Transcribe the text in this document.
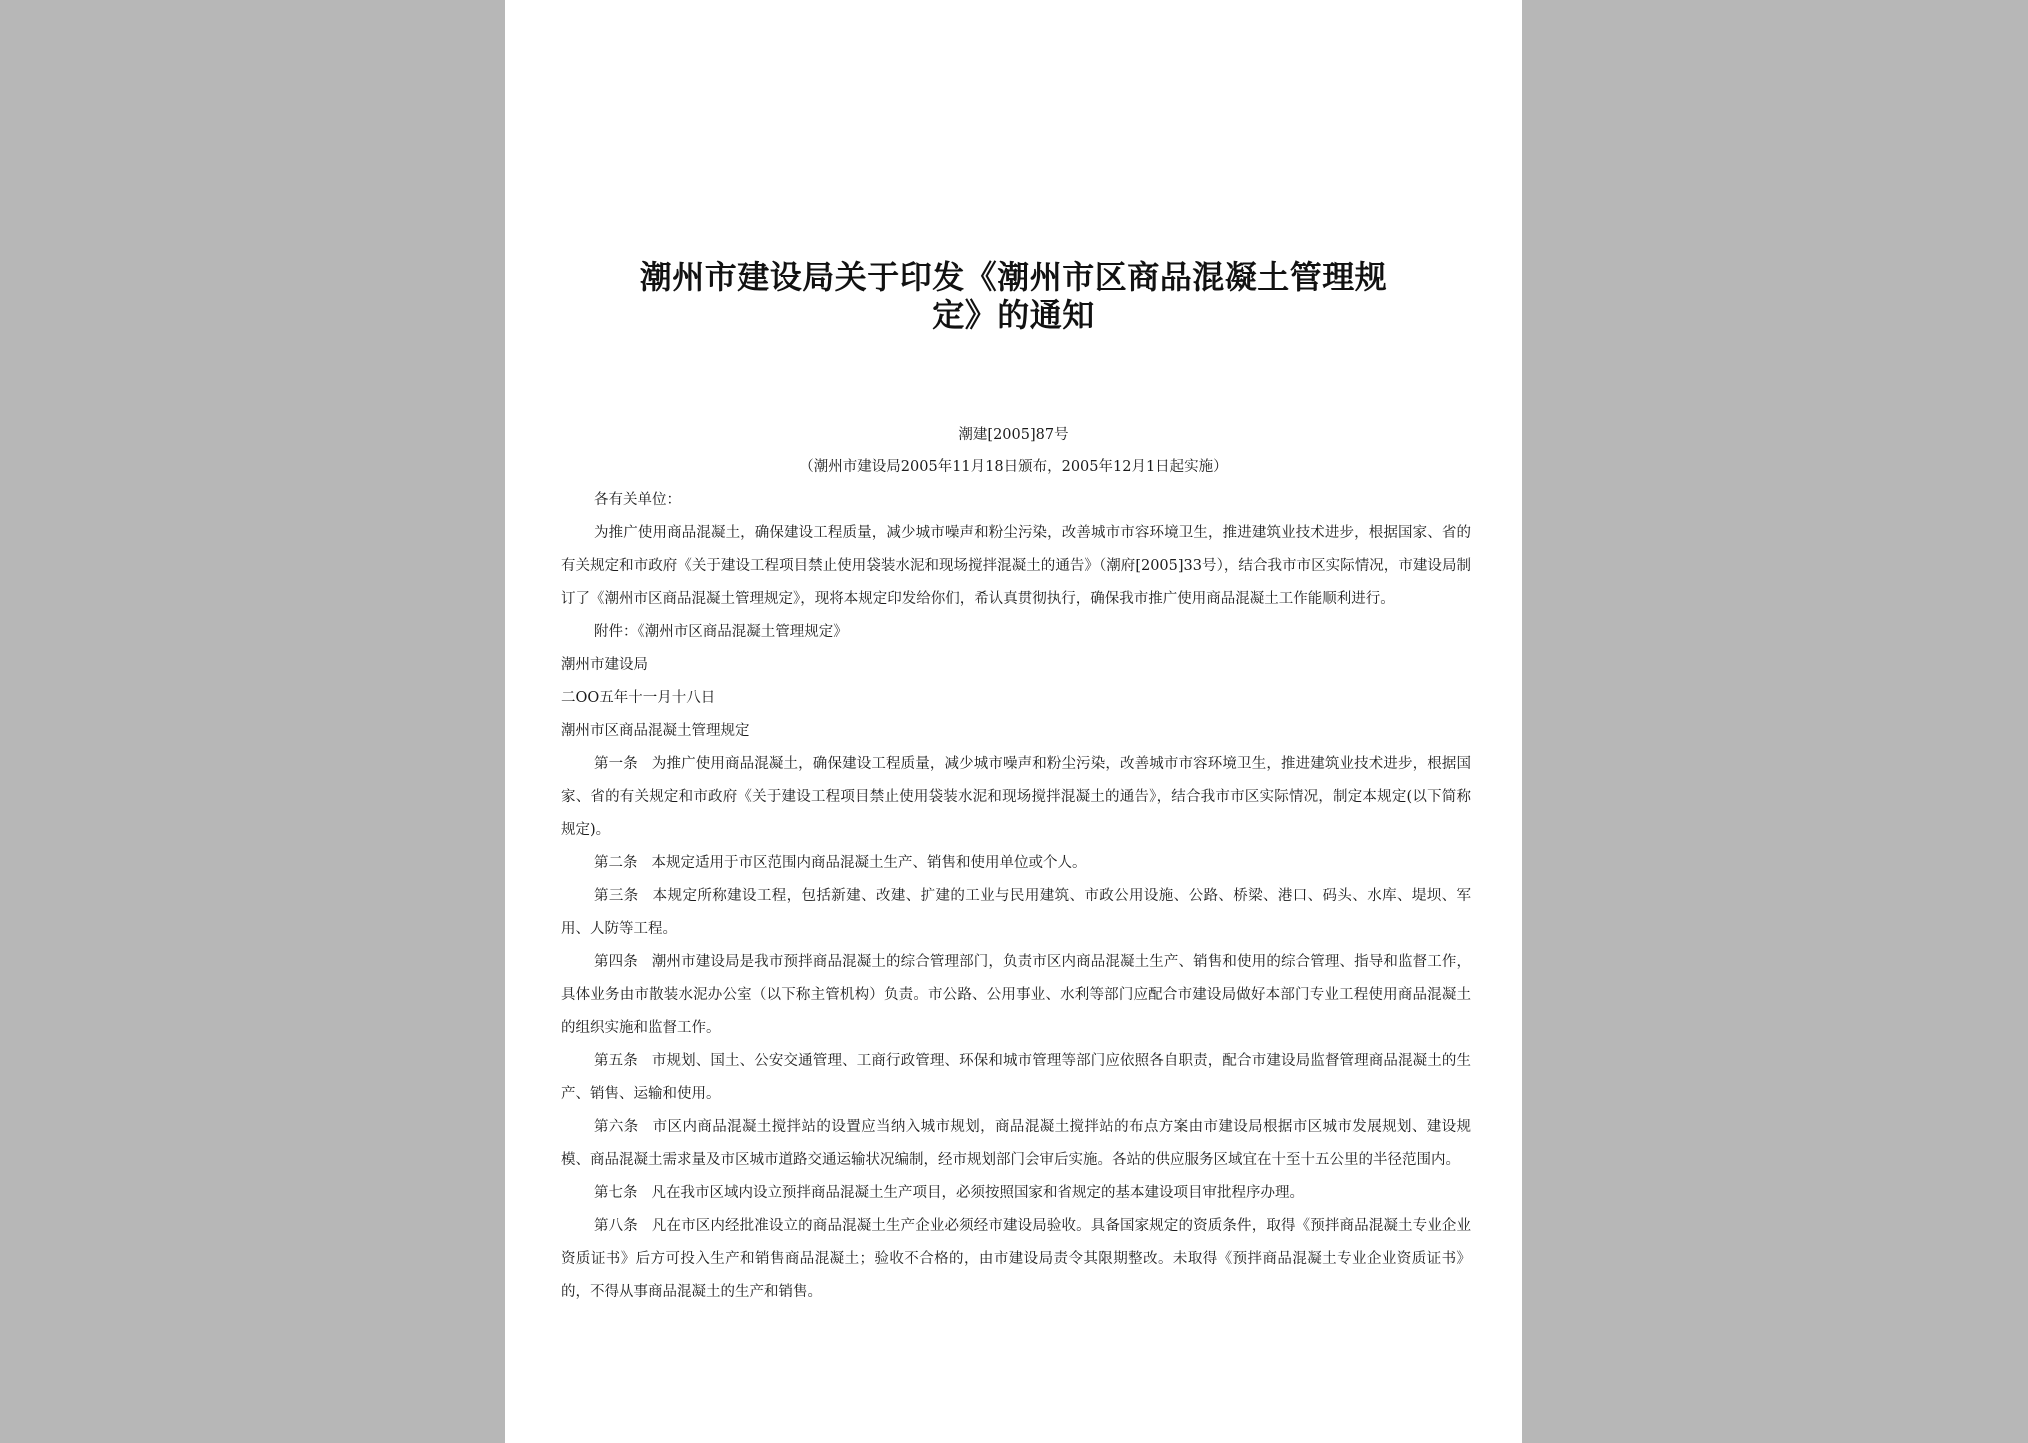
潮州市建设局关于印发《潮州市区商品混凝土管理规
定》的通知
潮建[2005]87号
（潮州市建设局2005年11月18日颁布，2005年12月1日起实施）

各有关单位：

为推广使用商品混凝土，确保建设工程质量，减少城市噪声和粉尘污染，改善城市市容环境卫生，推进建筑业技术进步，根据国家、省的有关规定和市政府《关于建设工程项目禁止使用袋装水泥和现场搅拌混凝土的通告》（潮府[2005]33号），结合我市市区实际情况，市建设局制订了《潮州市区商品混凝土管理规定》，现将本规定印发给你们，希认真贯彻执行，确保我市推广使用商品混凝土工作能顺利进行。

附件：《潮州市区商品混凝土管理规定》

潮州市建设局

二OO五年十一月十八日

潮州市区商品混凝土管理规定

第一条 为推广使用商品混凝土，确保建设工程质量，减少城市噪声和粉尘污染，改善城市市容环境卫生，推进建筑业技术进步，根据国家、省的有关规定和市政府《关于建设工程项目禁止使用袋装水泥和现场搅拌混凝土的通告》，结合我市市区实际情况，制定本规定(以下简称规定)。

第二条 本规定适用于市区范围内商品混凝土生产、销售和使用单位或个人。

第三条 本规定所称建设工程，包括新建、改建、扩建的工业与民用建筑、市政公用设施、公路、桥梁、港口、码头、水库、堤坝、军用、人防等工程。

第四条 潮州市建设局是我市预拌商品混凝土的综合管理部门，负责市区内商品混凝土生产、销售和使用的综合管理、指导和监督工作，具体业务由市散装水泥办公室（以下称主管机构）负责。市公路、公用事业、水利等部门应配合市建设局做好本部门专业工程使用商品混凝土的组织实施和监督工作。

第五条 市规划、国土、公安交通管理、工商行政管理、环保和城市管理等部门应依照各自职责，配合市建设局监督管理商品混凝土的生产、销售、运输和使用。

第六条 市区内商品混凝土搅拌站的设置应当纳入城市规划，商品混凝土搅拌站的布点方案由市建设局根据市区城市发展规划、建设规模、商品混凝土需求量及市区城市道路交通运输状况编制，经市规划部门会审后实施。各站的供应服务区域宜在十至十五公里的半径范围内。

第七条 凡在我市区域内设立预拌商品混凝土生产项目，必须按照国家和省规定的基本建设项目审批程序办理。

第八条 凡在市区内经批准设立的商品混凝土生产企业必须经市建设局验收。具备国家规定的资质条件，取得《预拌商品混凝土专业企业资质证书》后方可投入生产和销售商品混凝土；验收不合格的，由市建设局责令其限期整改。未取得《预拌商品混凝土专业企业资质证书》的，不得从事商品混凝土的生产和销售。
